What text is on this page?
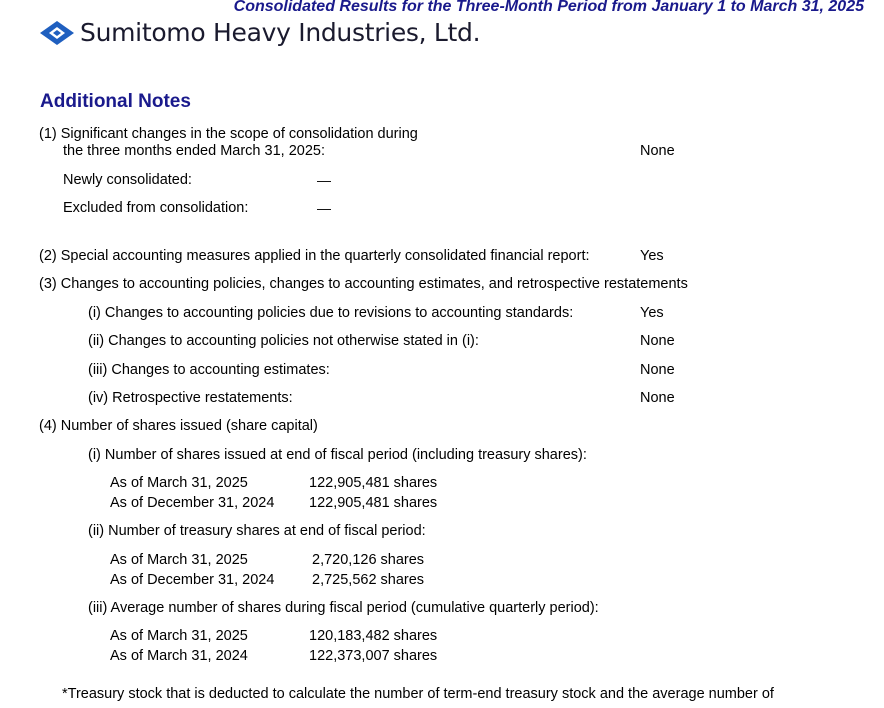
Consolidated Results for the Three-Month Period from January 1 to March 31, 2025
Sumitomo Heavy Industries, Ltd.
Additional Notes
(1) Significant changes in the scope of consolidation during
the three months ended March 31, 2025:	None
Newly consolidated:	—
Excluded from consolidation:	—
(2) Special accounting measures applied in the quarterly consolidated financial report:	Yes
(3) Changes to accounting policies, changes to accounting estimates, and retrospective restatements
(i) Changes to accounting policies due to revisions to accounting standards:	Yes
(ii) Changes to accounting policies not otherwise stated in (i):	None
(iii) Changes to accounting estimates:	None
(iv) Retrospective restatements:	None
(4) Number of shares issued (share capital)
(i) Number of shares issued at end of fiscal period (including treasury shares):
As of March 31, 2025	122,905,481 shares
As of December 31, 2024 122,905,481 shares
(ii) Number of treasury shares at end of fiscal period:
As of March 31, 2025	2,720,126 shares
As of December 31, 2024	2,725,562 shares
(iii) Average number of shares during fiscal period (cumulative quarterly period):
As of March 31, 2025	120,183,482 shares
As of March 31, 2024	122,373,007 shares
*Treasury stock that is deducted to calculate the number of term-end treasury stock and the average number of
